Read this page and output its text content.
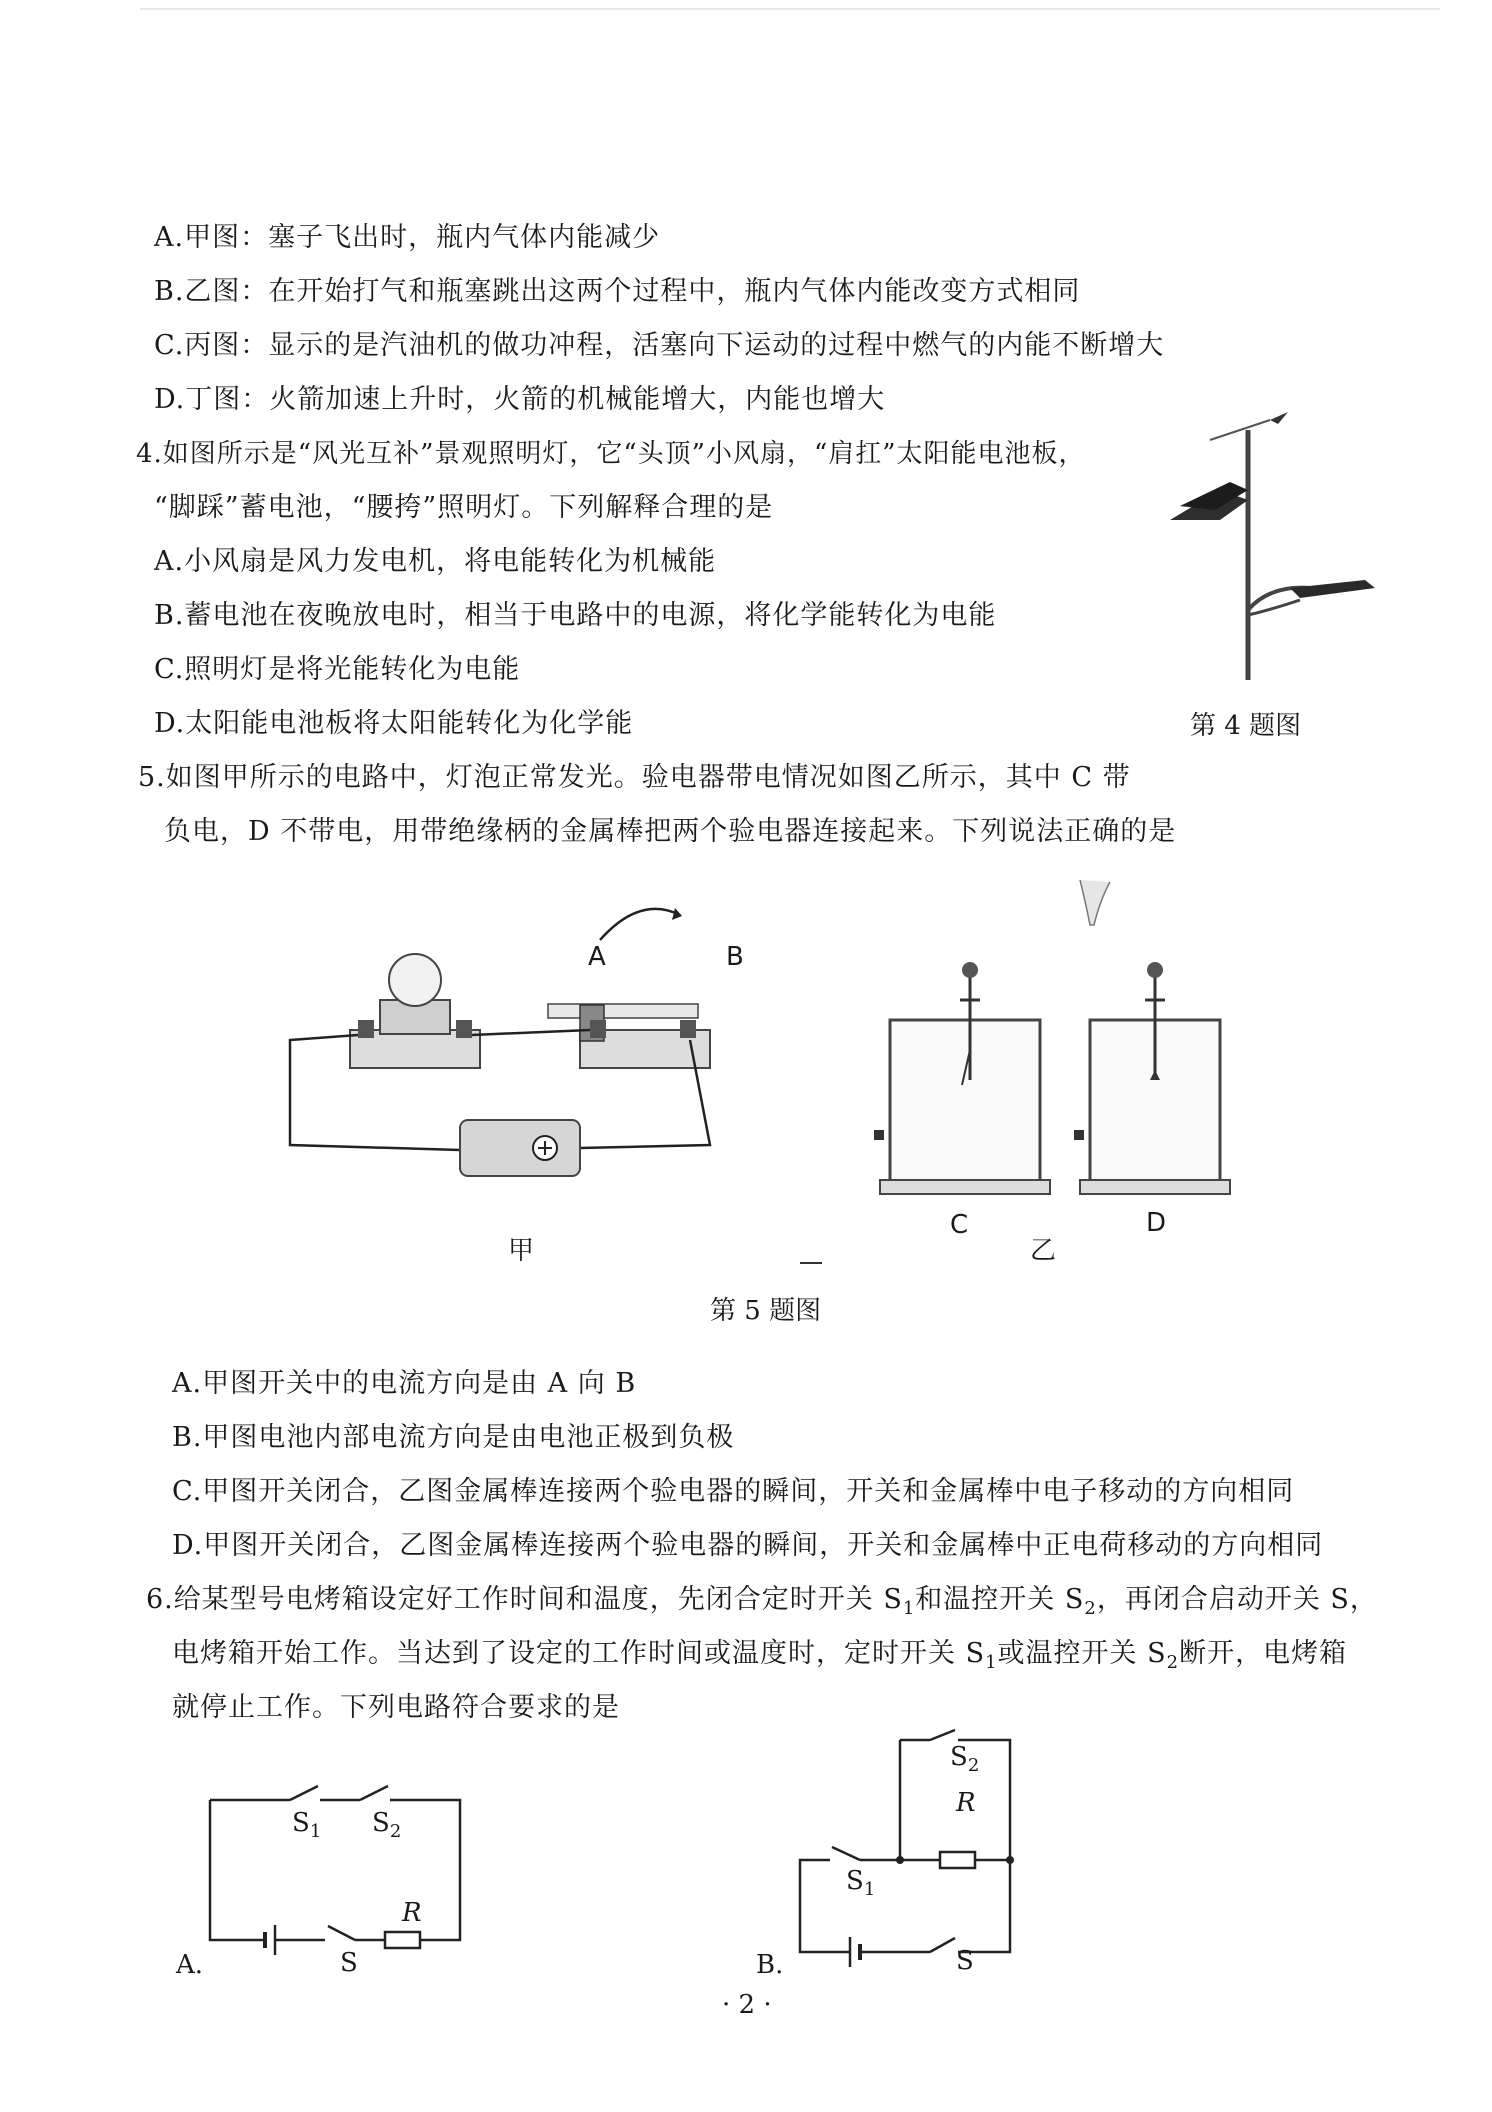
A.甲图：塞子飞出时，瓶内气体内能减少
B.乙图：在开始打气和瓶塞跳出这两个过程中，瓶内气体内能改变方式相同
C.丙图：显示的是汽油机的做功冲程，活塞向下运动的过程中燃气的内能不断增大
D.丁图：火箭加速上升时，火箭的机械能增大，内能也增大
4.如图所示是“风光互补”景观照明灯，它“头顶”小风扇，“肩扛”太阳能电池板，
“脚踩”蓄电池，“腰挎”照明灯。下列解释合理的是
A.小风扇是风力发电机，将电能转化为机械能
B.蓄电池在夜晚放电时，相当于电路中的电源，将化学能转化为电能
C.照明灯是将光能转化为电能
D.太阳能电池板将太阳能转化为化学能	第 4 题图
5.如图甲所示的电路中，灯泡正常发光。验电器带电情况如图乙所示，其中 C 带
负电，D 不带电，用带绝缘柄的金属棒把两个验电器连接起来。下列说法正确的是
A	B
甲
C	D
乙
第 5 题图
A.甲图开关中的电流方向是由 A 向 B
B.甲图电池内部电流方向是由电池正极到负极
C.甲图开关闭合，乙图金属棒连接两个验电器的瞬间，开关和金属棒中电子移动的方向相同
D.甲图开关闭合，乙图金属棒连接两个验电器的瞬间，开关和金属棒中正电荷移动的方向相同
6.给某型号电烤箱设定好工作时间和温度，先闭合定时开关 $S_1$和温控开关 $S_2$，再闭合启动开关 S，
电烤箱开始工作。当达到了设定的工作时间或温度时，定时开关 $S_1$或温控开关 $S_2$断开，电烤箱
就停止工作。下列电路符合要求的是
$S_1$ $S_2$
R
S
A.
$S_2$
R
$S_1$
S
B.
· 2 ·
